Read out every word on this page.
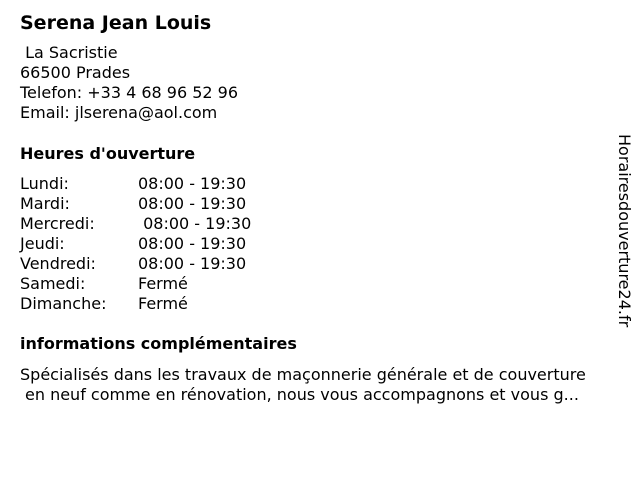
Serena Jean Louis
La Sacristie
66500 Prades
Telefon: +33 4 68 96 52 96
Email: jlserena@aol.com
Heures d'ouverture
Lundi:	08:00 - 19:30
Mardi:	08:00 - 19:30
Mercredi:	08:00 - 19:30
Jeudi:	08:00 - 19:30
Vendredi:	08:00 - 19:30
Samedi:	Fermé
Dimanche:	Fermé
informations complémentaires
Spécialisés dans les travaux de maçonnerie générale et de couverture
en neuf comme en rénovation, nous vous accompagnons et vous g...
Horairesdouverture24.fr
